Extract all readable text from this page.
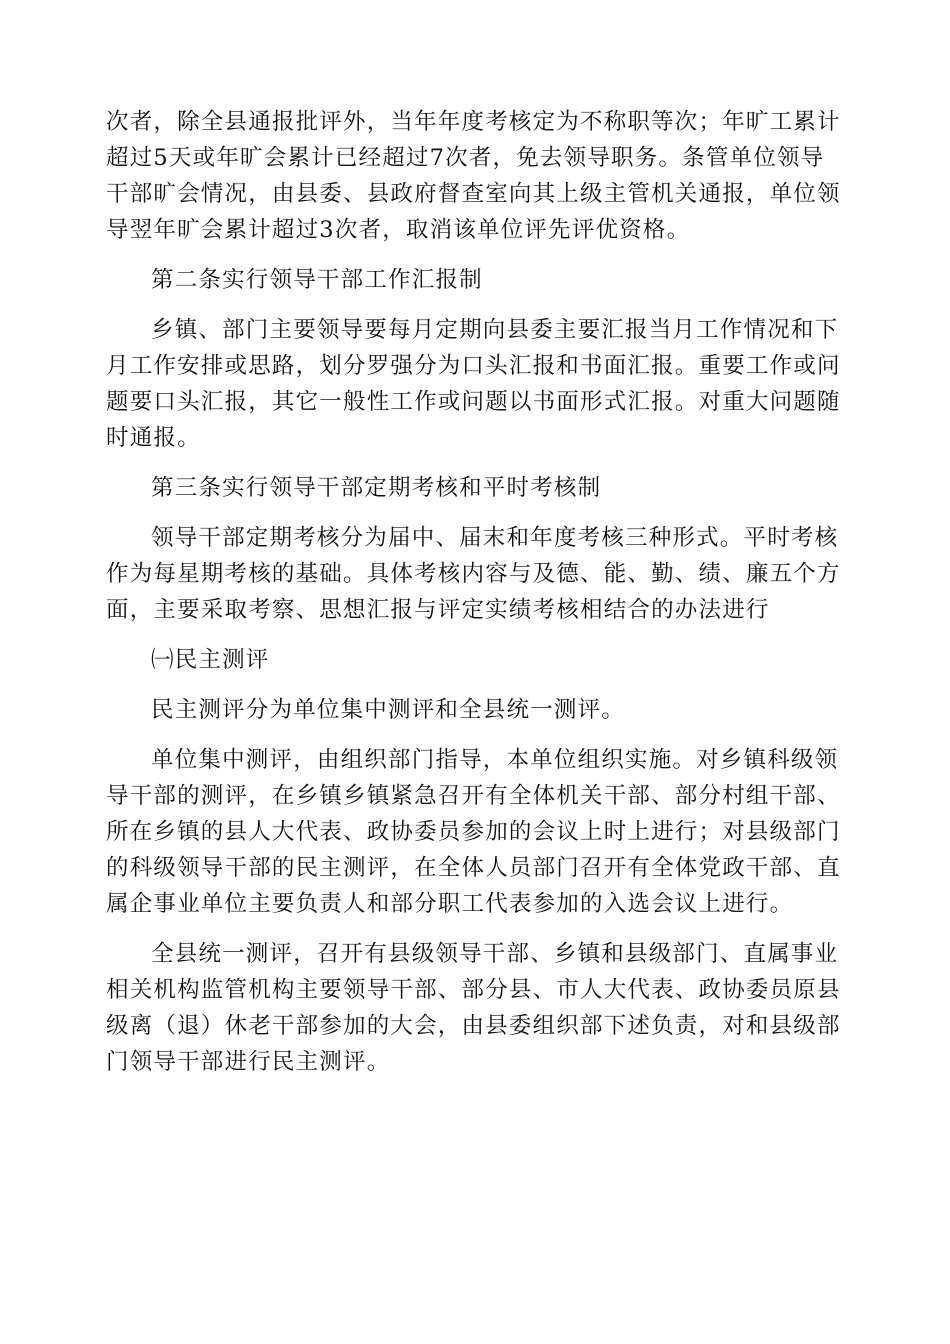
次者，除全县通报批评外，当年年度考核定为不称职等次；年旷工累计
超过5天或年旷会累计已经超过7次者，免去领导职务。条管单位领导
干部旷会情况，由县委、县政府督查室向其上级主管机关通报，单位领
导翌年旷会累计超过3次者，取消该单位评先评优资格。

第二条实行领导干部工作汇报制

乡镇、部门主要领导要每月定期向县委主要汇报当月工作情况和下
月工作安排或思路，划分罗强分为口头汇报和书面汇报。重要工作或问
题要口头汇报，其它一般性工作或问题以书面形式汇报。对重大问题随
时通报。

第三条实行领导干部定期考核和平时考核制

领导干部定期考核分为届中、届末和年度考核三种形式。平时考核
作为每星期考核的基础。具体考核内容与及德、能、勤、绩、廉五个方
面，主要采取考察、思想汇报与评定实绩考核相结合的办法进行

㈠民主测评

民主测评分为单位集中测评和全县统一测评。

单位集中测评，由组织部门指导，本单位组织实施。对乡镇科级领
导干部的测评，在乡镇乡镇紧急召开有全体机关干部、部分村组干部、
所在乡镇的县人大代表、政协委员参加的会议上时上进行；对县级部门
的科级领导干部的民主测评，在全体人员部门召开有全体党政干部、直
属企事业单位主要负责人和部分职工代表参加的入选会议上进行。

全县统一测评，召开有县级领导干部、乡镇和县级部门、直属事业
相关机构监管机构主要领导干部、部分县、市人大代表、政协委员原县
级离（退）休老干部参加的大会，由县委组织部下述负责，对和县级部
门领导干部进行民主测评。
